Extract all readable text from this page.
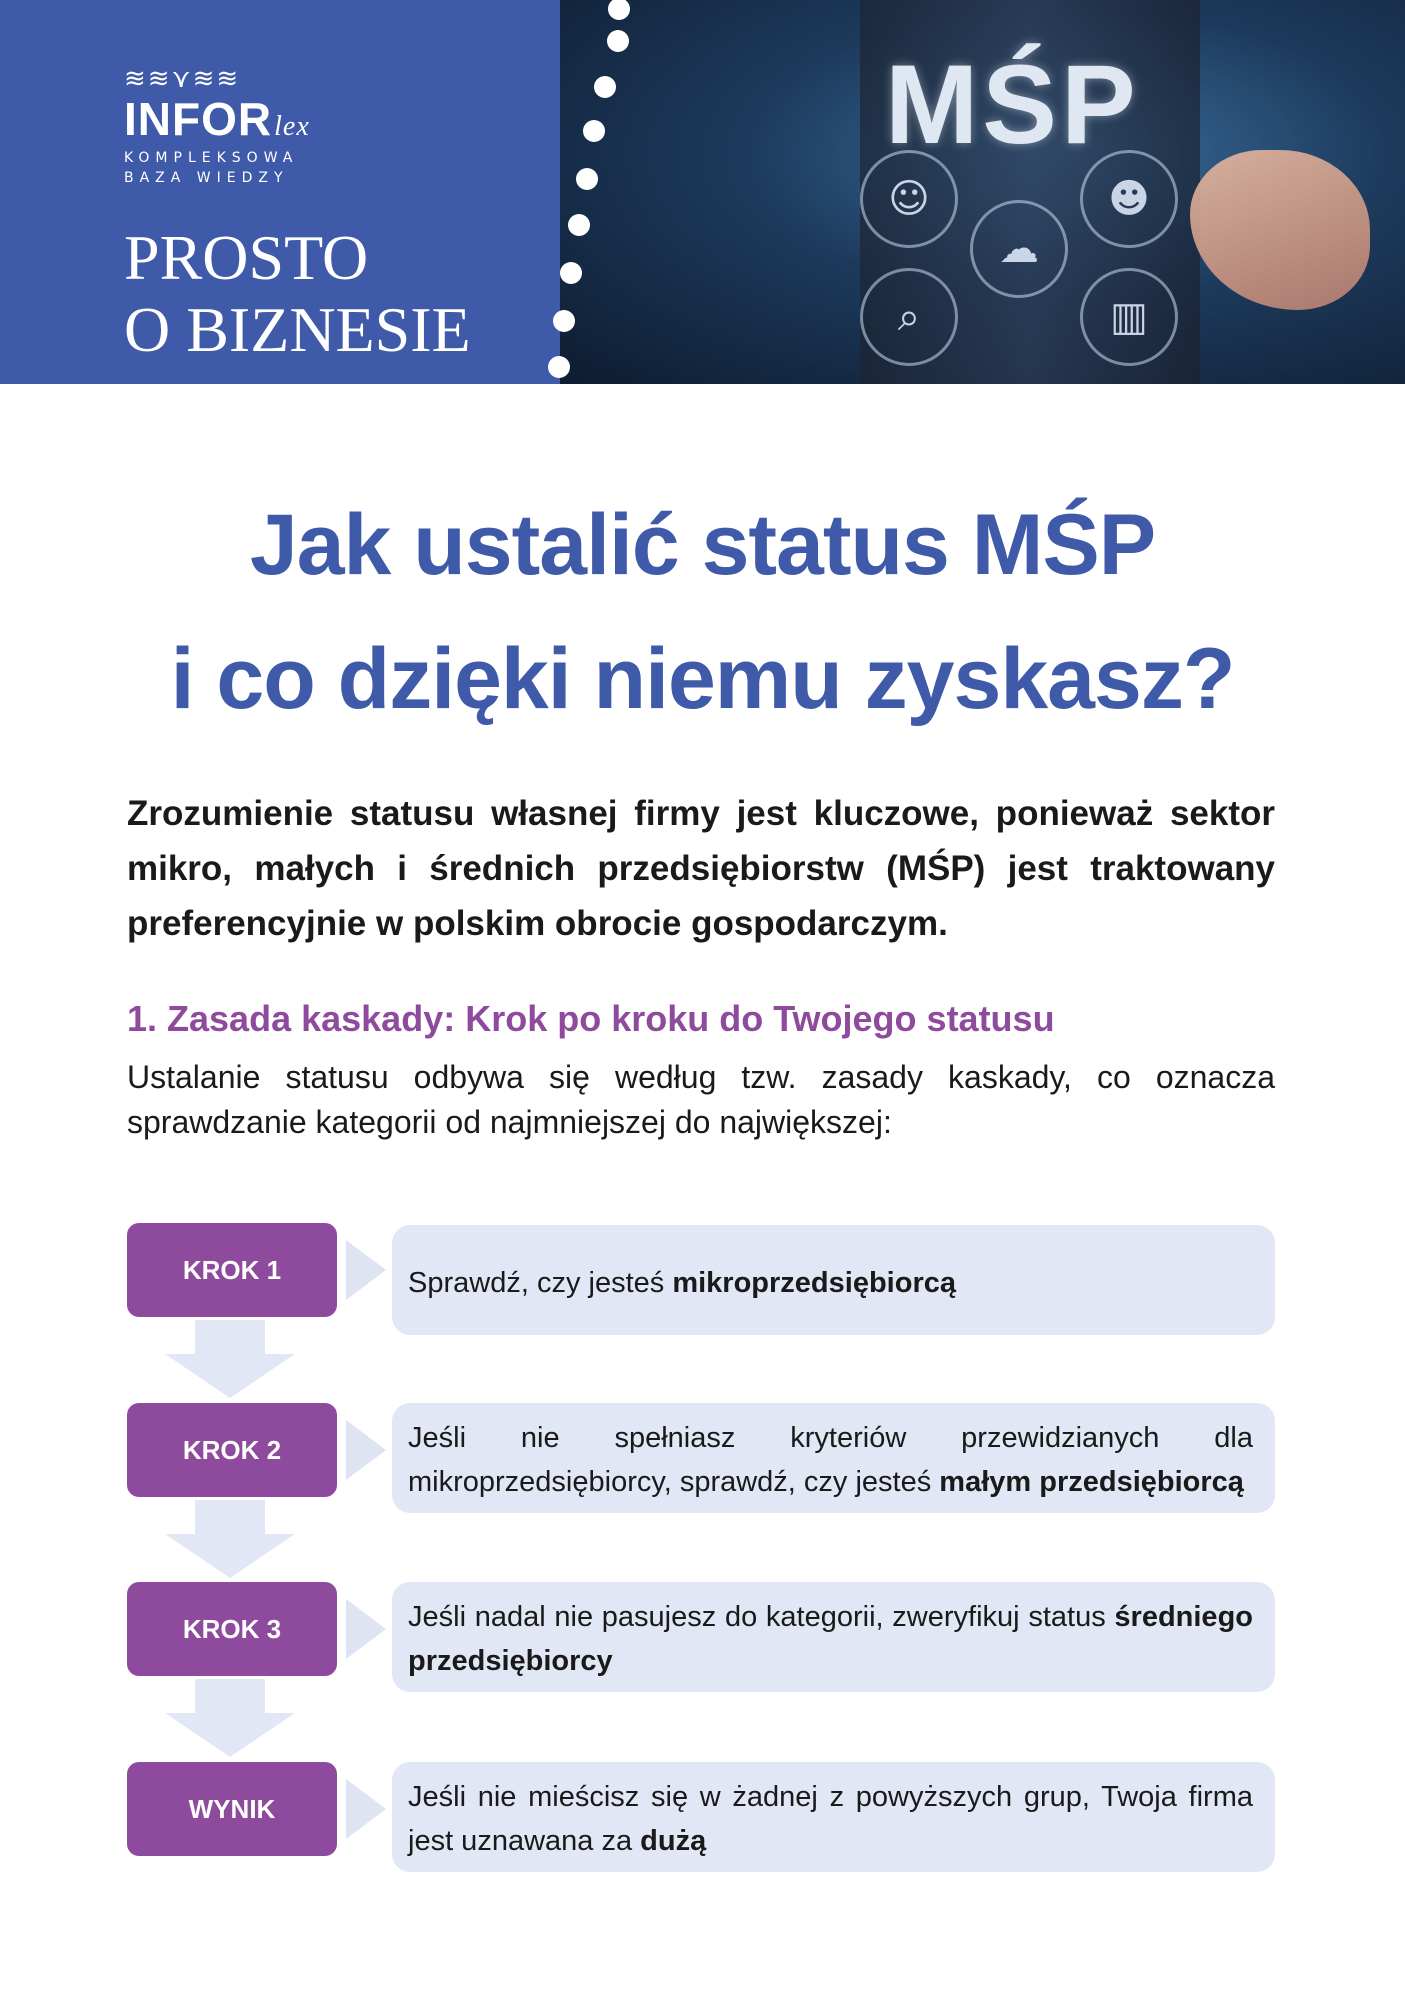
☺
☁
⌕
☻
▥
MŚP
≋≋⋎≋≋
INFORlex
KOMPLEKSOWA
BAZA WIEDZY
PROSTO
O BIZNESIE
Jak ustalić status MŚP
i co dzięki niemu zyskasz?
Zrozumienie statusu własnej firmy jest kluczowe, ponieważ sektor mikro, małych i średnich przedsiębiorstw (MŚP) jest traktowany preferencyjnie w polskim obrocie gospodarczym.
1. Zasada kaskady: Krok po kroku do Twojego statusu
Ustalanie statusu odbywa się według tzw. zasady kaskady, co oznacza sprawdzanie kategorii od najmniejszej do największej:
KROK 1	Sprawdź, czy jesteś mikroprzedsiębiorcą
KROK 2	Jeśli nie spełniasz kryteriów przewidzianych dla mikroprzedsiębiorcy, sprawdź, czy jesteś małym przedsiębiorcą
KROK 3	Jeśli nadal nie pasujesz do kategorii, zweryfikuj status średniego przedsiębiorcy
WYNIK	Jeśli nie mieścisz się w żadnej z powyższych grup, Twoja firma jest uznawana za dużą
